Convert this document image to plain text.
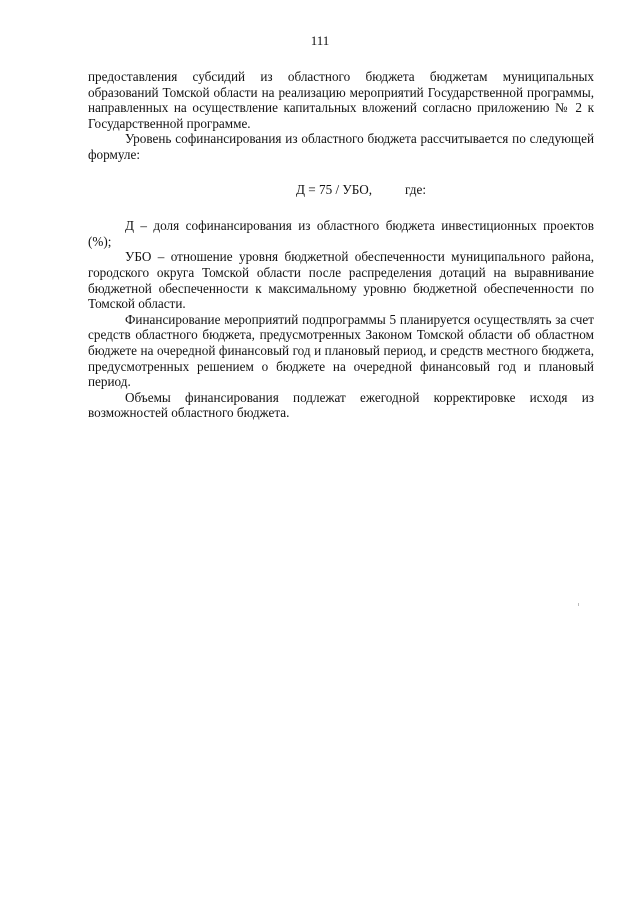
111

предоставления субсидий из областного бюджета бюджетам муниципальных образований Томской области на реализацию мероприятий Государственной программы, направленных на осуществление капитальных вложений согласно приложению № 2 к Государственной программе.

Уровень софинансирования из областного бюджета рассчитывается по следующей формуле:

Д = 75 / УБО, где:

Д – доля софинансирования из областного бюджета инвестиционных проектов (%);

УБО – отношение уровня бюджетной обеспеченности муниципального района, городского округа Томской области после распределения дотаций на выравнивание бюджетной обеспеченности к максимальному уровню бюджетной обеспеченности по Томской области.

Финансирование мероприятий подпрограммы 5 планируется осуществлять за счет средств областного бюджета, предусмотренных Законом Томской области об областном бюджете на очередной финансовый год и плановый период, и средств местного бюджета, предусмотренных решением о бюджете на очередной финансовый год и плановый период.

Объемы финансирования подлежат ежегодной корректировке исходя из возможностей областного бюджета.
